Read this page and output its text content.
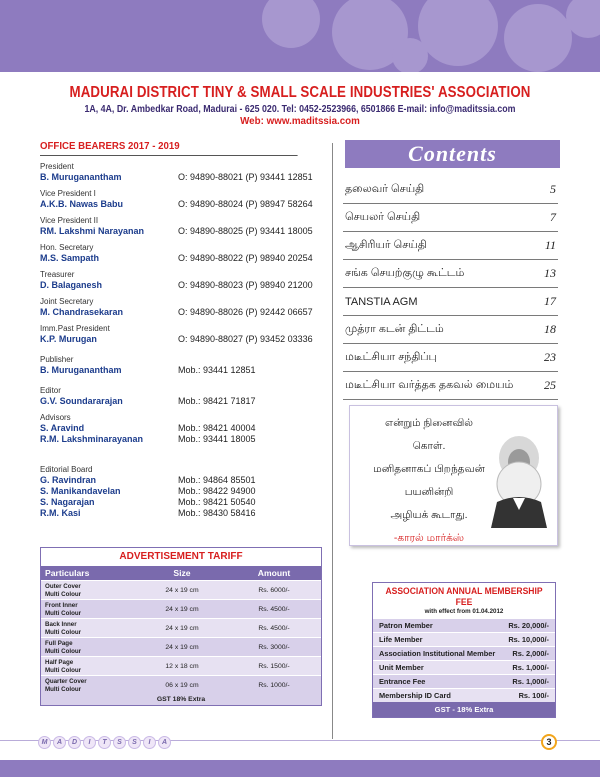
MADURAI DISTRICT TINY & SMALL SCALE INDUSTRIES' ASSOCIATION
1A, 4A, Dr. Ambedkar Road, Madurai - 625 020. Tel: 0452-2523966, 6501866 E-mail: info@maditssia.com
Web: www.maditssia.com
OFFICE BEARERS 2017 - 2019
President
B. Muruganantham	O: 94890-88021 (P) 93441 12851
Vice President I
A.K.B. Nawas Babu	O: 94890-88024 (P) 98947 58264
Vice President II
RM. Lakshmi Narayanan	O: 94890-88025 (P) 93441 18005
Hon. Secretary
M.S. Sampath	O: 94890-88022 (P) 98940 20254
Treasurer
D. Balaganesh	O: 94890-88023 (P) 98940 21200
Joint Secretary
M. Chandrasekaran	O: 94890-88026 (P) 92442 06657
Imm.Past President
K.P. Murugan	O: 94890-88027 (P) 93452 03336
Publisher
B. Muruganantham	Mob.: 93441 12851
Editor
G.V. Soundararajan	Mob.: 98421 71817
Advisors
S. Aravind	Mob.: 98421 40004
R.M. Lakshminarayanan	Mob.: 93441 18005
Editorial Board
G. Ravindran	Mob.: 94864 85501
S. Manikandavelan	Mob.: 98422 94900
S. Nagarajan	Mob.: 98421 50540
R.M. Kasi	Mob.: 98430 58416
ADVERTISEMENT TARIFF
Particulars	Size	Amount
Outer Cover
Multi Colour
24 x 19 cm	Rs. 6000/-
Front Inner
Multi Colour
24 x 19 cm	Rs. 4500/-
Back Inner
Multi Colour
24 x 19 cm	Rs. 4500/-
Full Page
Multi Colour
24 x 19 cm	Rs. 3000/-
Half Page
Multi Colour
12 x 18 cm	Rs. 1500/-
Quarter Cover
Multi Colour
06 x 19 cm	Rs. 1000/-
GST 18% Extra
Contents
தலைவர் செய்தி	5
செயலர் செய்தி	7
ஆசிரியர் செய்தி	11
சங்க செயற்குழு கூட்டம்	13
TANSTIA AGM	17
முத்ரா கடன் திட்டம்	18
மடீட்சியா சந்திப்பு	23
மடீட்சியா வர்த்தக தகவல் மையம்	25
என்றும் நினைவில்
கொள்.
மனிதனாகப் பிறந்தவன்
பயனின்றி
அழியக் கூடாது.
-காரல் மார்க்ஸ்
ASSOCIATION ANNUAL MEMBERSHIP FEE
with effect from 01.04.2012
Patron Member	Rs. 20,000/-
Life Member	Rs. 10,000/-
Association Institutional Member Rs. 2,000/-
Unit Member	Rs. 1,000/-
Entrance Fee	Rs. 1,000/-
Membership ID Card	Rs. 100/-
GST - 18% Extra
M	A	D	I	T	S	S	I	A	3
